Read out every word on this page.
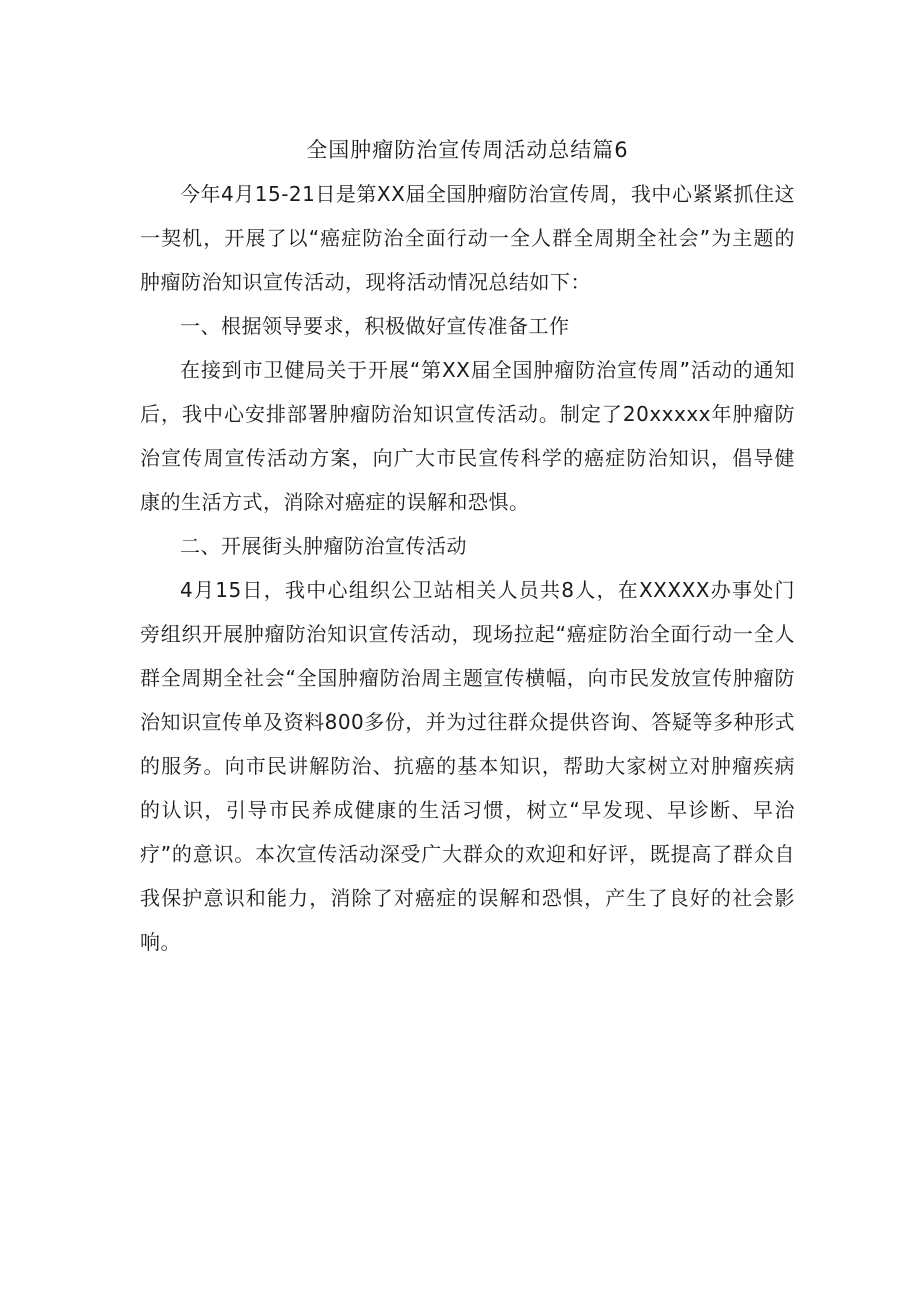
全国肿瘤防治宣传周活动总结篇6

今年4月15-21日是第XX届全国肿瘤防治宣传周，我中心紧紧抓住这一契机，开展了以“癌症防治全面行动一全人群全周期全社会”为主题的肿瘤防治知识宣传活动，现将活动情况总结如下：

一、根据领导要求，积极做好宣传准备工作

在接到市卫健局关于开展“第XX届全国肿瘤防治宣传周”活动的通知后，我中心安排部署肿瘤防治知识宣传活动。制定了20xxxxx年肿瘤防治宣传周宣传活动方案，向广大市民宣传科学的癌症防治知识，倡导健康的生活方式，消除对癌症的误解和恐惧。

二、开展街头肿瘤防治宣传活动

4月15日，我中心组织公卫站相关人员共8人，在XXXXX办事处门旁组织开展肿瘤防治知识宣传活动，现场拉起“癌症防治全面行动一全人群全周期全社会“全国肿瘤防治周主题宣传横幅，向市民发放宣传肿瘤防治知识宣传单及资料800多份，并为过往群众提供咨询、答疑等多种形式的服务。向市民讲解防治、抗癌的基本知识，帮助大家树立对肿瘤疾病的认识，引导市民养成健康的生活习惯，树立“早发现、早诊断、早治疗”的意识。本次宣传活动深受广大群众的欢迎和好评，既提高了群众自我保护意识和能力，消除了对癌症的误解和恐惧，产生了良好的社会影响。
